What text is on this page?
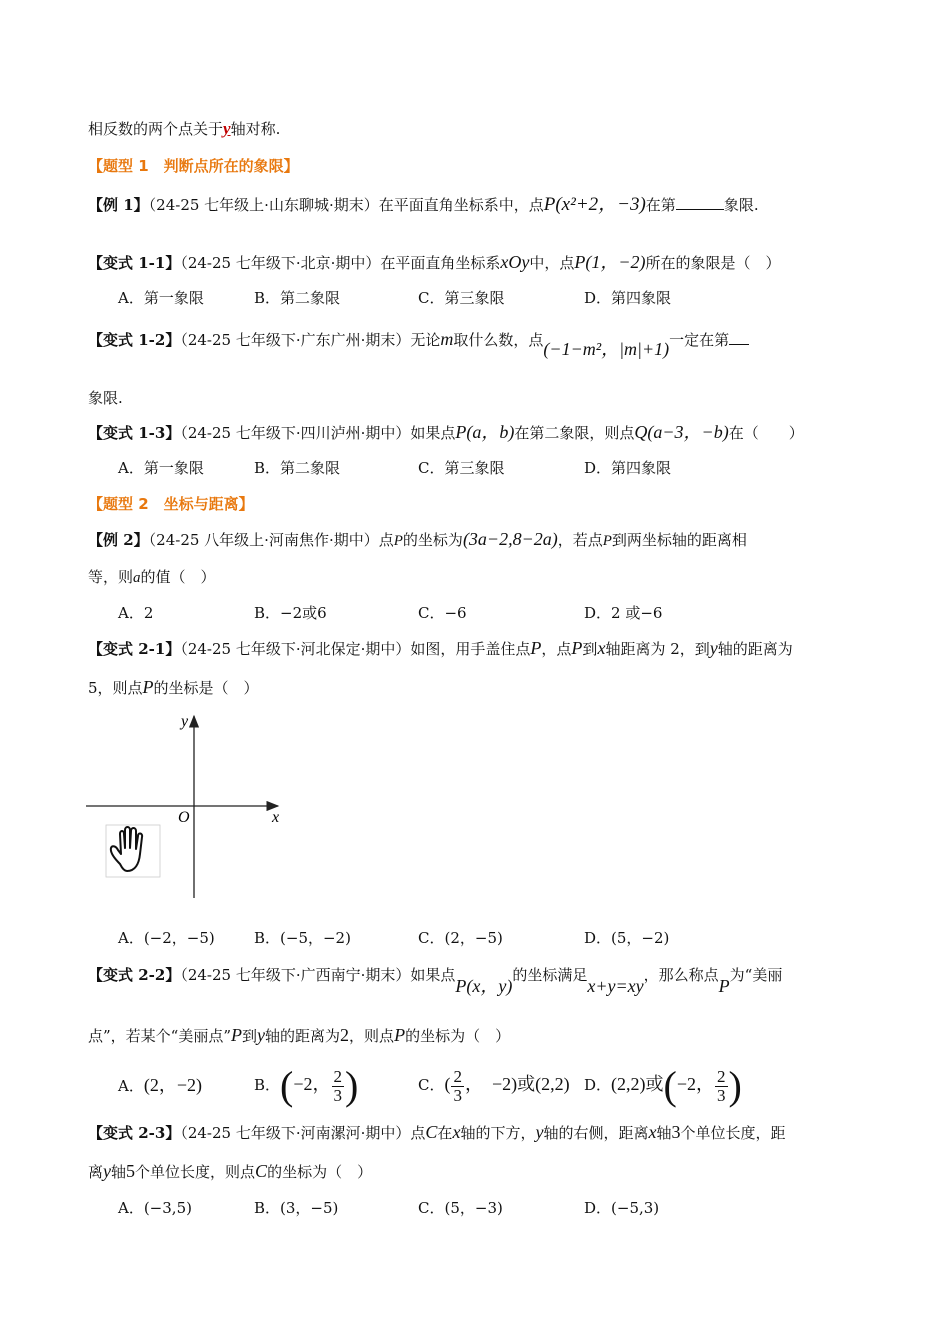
相反数的两个点关于y轴对称.
【题型 1　判断点所在的象限】
【例 1】（24-25 七年级上·山东聊城·期末）在平面直角坐标系中，点P(x²+2，−3)在第	象限.
【变式 1-1】（24-25 七年级下·北京·期中）在平面直角坐标系xOy中，点P(1，−2)所在的象限是（　）
A．第一象限	B．第二象限	C．第三象限	D．第四象限
【变式 1-2】（24-25 七年级下·广东广州·期末）无论m取什么数，点(−1−m²，|m|+1)一定在第
象限.
【变式 1-3】（24-25 七年级下·四川泸州·期中）如果点P(a，b)在第二象限，则点Q(a−3，−b)在（　　）
A．第一象限	B．第二象限	C．第三象限	D．第四象限
【题型 2　坐标与距离】
【例 2】（24-25 八年级上·河南焦作·期中）点P的坐标为(3a−2,8−2a)，若点P到两坐标轴的距离相
等，则a的值（　）
A．2	B．−2或6	C．−6	D．2 或−6
【变式 2-1】（24-25 七年级下·河北保定·期中）如图，用手盖住点P，点P到x轴距离为 2，到y轴的距离为
5，则点P的坐标是（　）
y
x
O
A．(−2，−5)	B．(−5，−2)	C．(2，−5)	D．(5，−2)
【变式 2-2】（24-25 七年级下·广西南宁·期末）如果点P(x，y)的坐标满足x+y=xy，那么称点P为“美丽
点”，若某个“美丽点”P到y轴的距离为2，则点P的坐标为（　）
A．(2，−2)	B．(−2， $\frac{2}{3}$ )	C．( $\frac{2}{3}$ ，　−2)或(2,2) D．(2,2)或(−2， $\frac{2}{3}$ )
【变式 2-3】（24-25 七年级下·河南漯河·期中）点C在x轴的下方，y轴的右侧，距离x轴3个单位长度，距
离y轴5个单位长度，则点C的坐标为（　）
A．(−3,5)	B．(3，−5)	C．(5，−3)	D．(−5,3)
